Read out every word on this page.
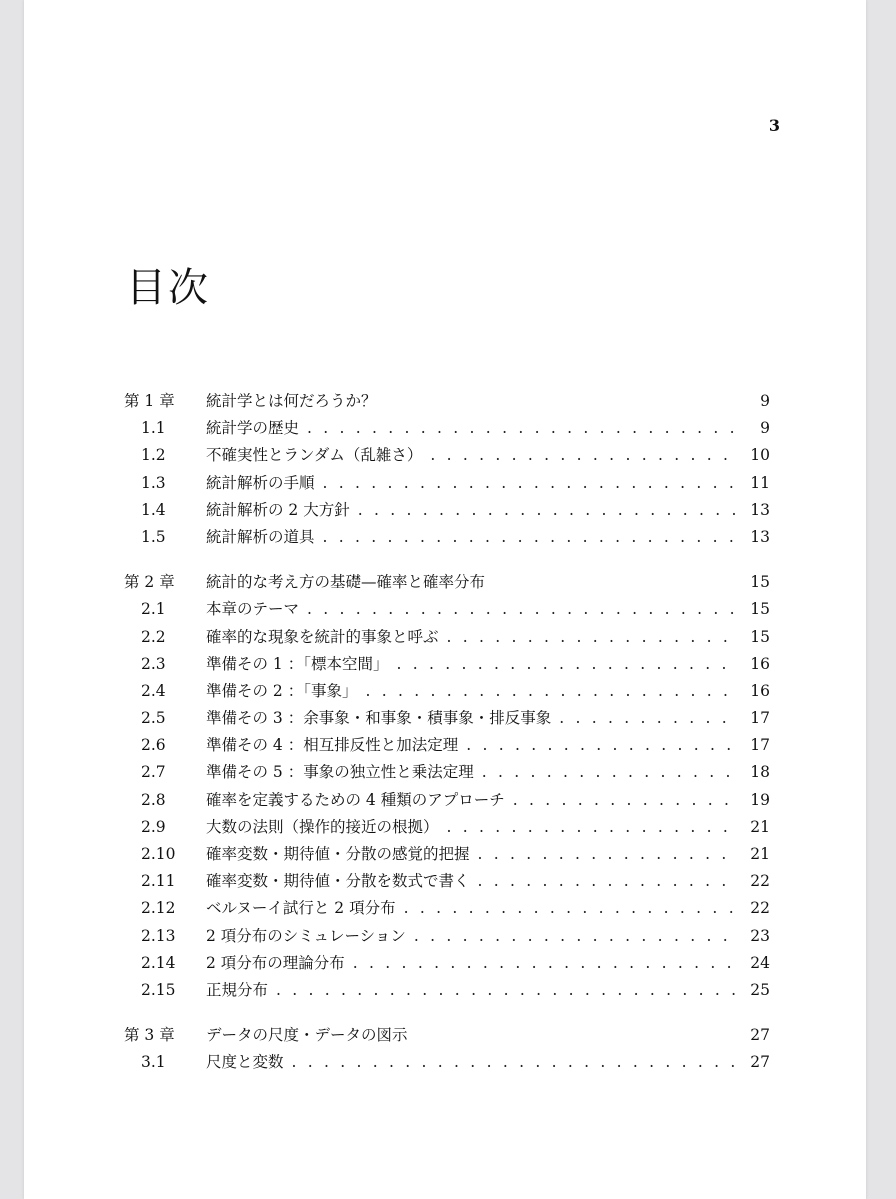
3
目次
第 1 章	統計学とは何だろうか？	9
1.1	統計学の歴史 . . .	9
1.2	不確実性とランダム（乱雑さ） . . .	10
1.3	統計解析の手順 . . .	11
1.4	統計解析の 2 大方針 . . .	13
1.5	統計解析の道具 . . .	13
第 2 章	統計的な考え方の基礎—確率と確率分布	15
2.1	本章のテーマ . . .	15
2.2	確率的な現象を統計的事象と呼ぶ . . .	15
2.3	準備その 1 ：「標本空間」 . . .	16
2.4	準備その 2 ：「事象」 . . .	16
2.5	準備その 3 ：余事象・和事象・積事象・排反事象 . . .	17
2.6	準備その 4 ：相互排反性と加法定理 . . .	17
2.7	準備その 5 ：事象の独立性と乗法定理 . . .	18
2.8	確率を定義するための 4 種類のアプローチ . . .	19
2.9	大数の法則（操作的接近の根拠） . . .	21
2.10	確率変数・期待値・分散の感覚的把握 . . .	21
2.11	確率変数・期待値・分散を数式で書く . . .	22
2.12	ベルヌーイ試行と 2 項分布 . . .	22
2.13	2 項分布のシミュレーション . . .	23
2.14	2 項分布の理論分布 . . .	24
2.15	正規分布 . . .	25
第 3 章	データの尺度・データの図示	27
3.1	尺度と変数 . . .	27
